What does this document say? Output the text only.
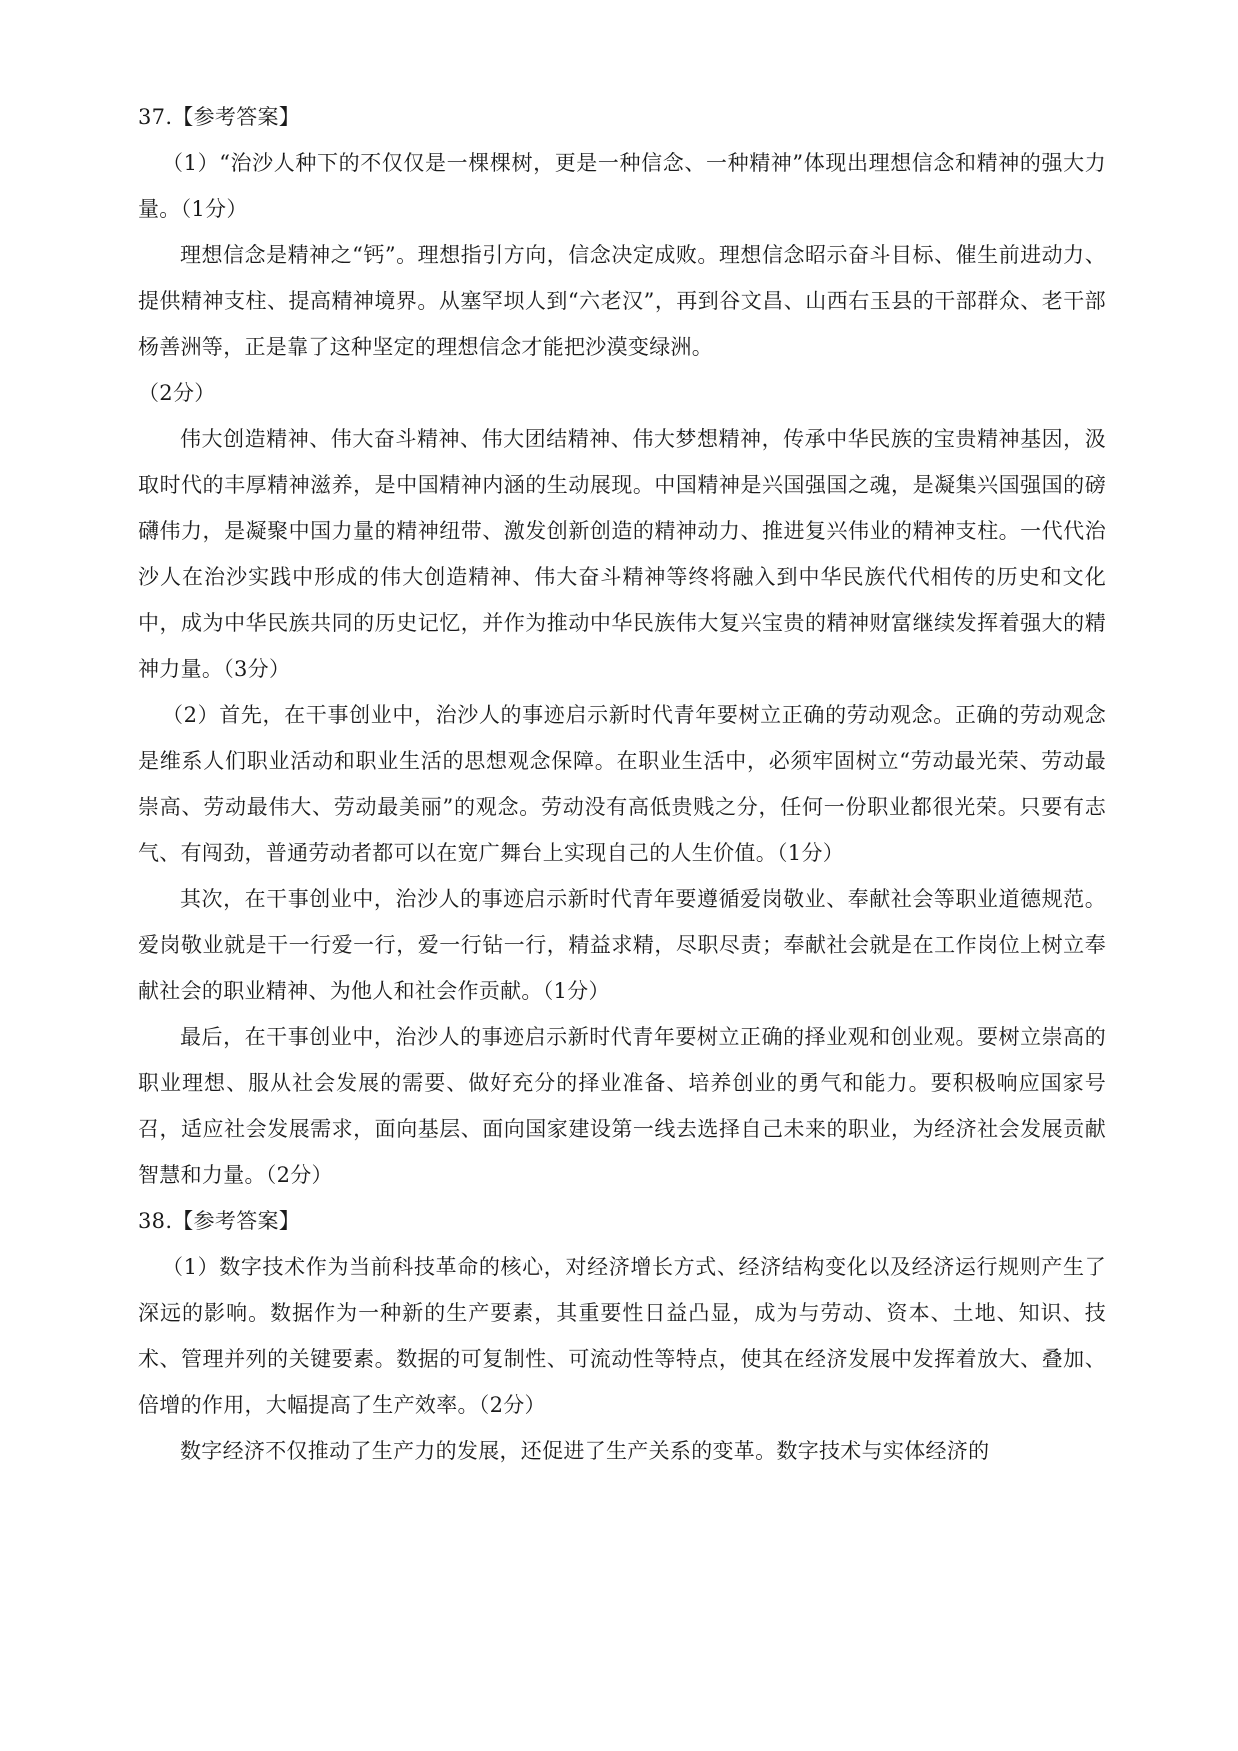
37.【参考答案】

（1）“治沙人种下的不仅仅是一棵棵树，更是一种信念、一种精神”体现出理想信念和精神的强大力量。（1分）

理想信念是精神之“钙”。理想指引方向，信念决定成败。理想信念昭示奋斗目标、催生前进动力、提供精神支柱、提高精神境界。从塞罕坝人到“六老汉”，再到谷文昌、山西右玉县的干部群众、老干部杨善洲等，正是靠了这种坚定的理想信念才能把沙漠变绿洲。

（2分）

伟大创造精神、伟大奋斗精神、伟大团结精神、伟大梦想精神，传承中华民族的宝贵精神基因，汲取时代的丰厚精神滋养，是中国精神内涵的生动展现。中国精神是兴国强国之魂，是凝集兴国强国的磅礴伟力，是凝聚中国力量的精神纽带、激发创新创造的精神动力、推进复兴伟业的精神支柱。一代代治沙人在治沙实践中形成的伟大创造精神、伟大奋斗精神等终将融入到中华民族代代相传的历史和文化中，成为中华民族共同的历史记忆，并作为推动中华民族伟大复兴宝贵的精神财富继续发挥着强大的精神力量。（3分）

（2）首先，在干事创业中，治沙人的事迹启示新时代青年要树立正确的劳动观念。正确的劳动观念是维系人们职业活动和职业生活的思想观念保障。在职业生活中，必须牢固树立“劳动最光荣、劳动最崇高、劳动最伟大、劳动最美丽”的观念。劳动没有高低贵贱之分，任何一份职业都很光荣。只要有志气、有闯劲，普通劳动者都可以在宽广舞台上实现自己的人生价值。（1分）

其次，在干事创业中，治沙人的事迹启示新时代青年要遵循爱岗敬业、奉献社会等职业道德规范。爱岗敬业就是干一行爱一行，爱一行钻一行，精益求精，尽职尽责；奉献社会就是在工作岗位上树立奉献社会的职业精神、为他人和社会作贡献。（1分）

最后，在干事创业中，治沙人的事迹启示新时代青年要树立正确的择业观和创业观。要树立崇高的职业理想、服从社会发展的需要、做好充分的择业准备、培养创业的勇气和能力。要积极响应国家号召，适应社会发展需求，面向基层、面向国家建设第一线去选择自己未来的职业，为经济社会发展贡献智慧和力量。（2分）

38.【参考答案】

（1）数字技术作为当前科技革命的核心，对经济增长方式、经济结构变化以及经济运行规则产生了深远的影响。数据作为一种新的生产要素，其重要性日益凸显，成为与劳动、资本、土地、知识、技术、管理并列的关键要素。数据的可复制性、可流动性等特点，使其在经济发展中发挥着放大、叠加、倍增的作用，大幅提高了生产效率。（2分）

数字经济不仅推动了生产力的发展，还促进了生产关系的变革。数字技术与实体经济的
